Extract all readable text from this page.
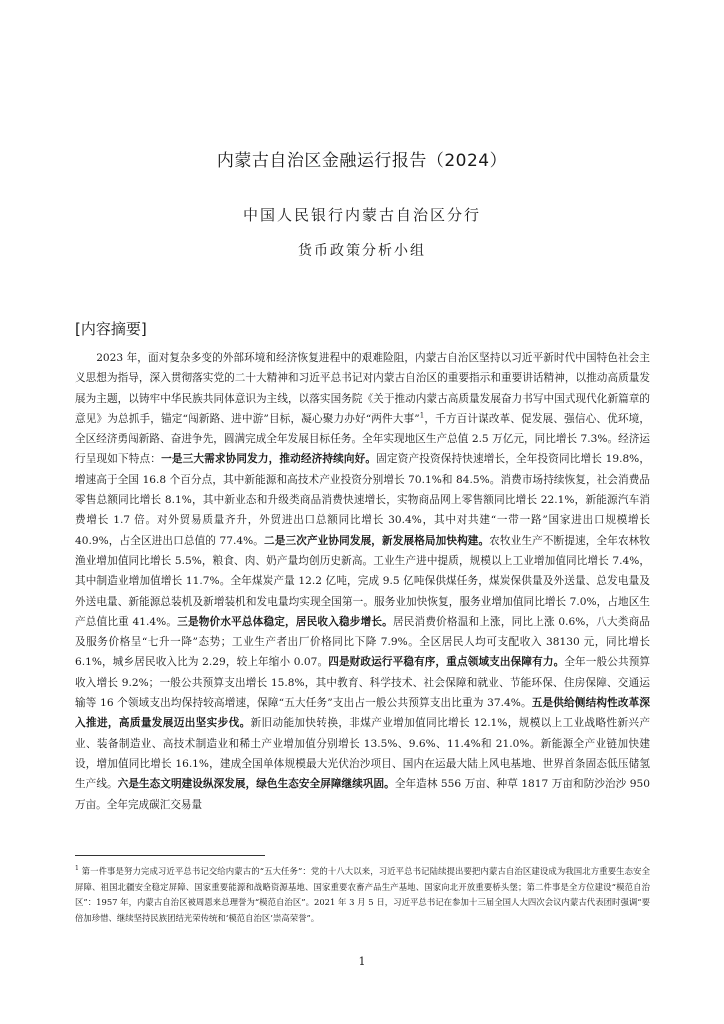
内蒙古自治区金融运行报告（2024）
中国人民银行内蒙古自治区分行
货币政策分析小组
[内容摘要]

2023 年，面对复杂多变的外部环境和经济恢复进程中的艰难险阻，内蒙古自治区坚持以习近平新时代中国特色社会主义思想为指导，深入贯彻落实党的二十大精神和习近平总书记对内蒙古自治区的重要指示和重要讲话精神，以推动高质量发展为主题，以铸牢中华民族共同体意识为主线，以落实国务院《关于推动内蒙古高质量发展奋力书写中国式现代化新篇章的意见》为总抓手，锚定“闯新路、进中游”目标，凝心聚力办好“两件大事”$^1$，千方百计谋改革、促发展、强信心、优环境，全区经济勇闯新路、奋进争先，圆满完成全年发展目标任务。全年实现地区生产总值 2.5 万亿元，同比增长 7.3%。经济运行呈现如下特点：一是三大需求协同发力，推动经济持续向好。固定资产投资保持快速增长，全年投资同比增长 19.8%，增速高于全国 16.8 个百分点，其中新能源和高技术产业投资分别增长 70.1%和 84.5%。消费市场持续恢复，社会消费品零售总额同比增长 8.1%，其中新业态和升级类商品消费快速增长，实物商品网上零售额同比增长 22.1%，新能源汽车消费增长 1.7 倍。对外贸易质量齐升，外贸进出口总额同比增长 30.4%，其中对共建“一带一路”国家进出口规模增长 40.9%，占全区进出口总值的 77.4%。二是三次产业协同发展，新发展格局加快构建。农牧业生产不断提速，全年农林牧渔业增加值同比增长 5.5%，粮食、肉、奶产量均创历史新高。工业生产进中提质，规模以上工业增加值同比增长 7.4%，其中制造业增加值增长 11.7%。全年煤炭产量 12.2 亿吨，完成 9.5 亿吨保供煤任务，煤炭保供量及外送量、总发电量及外送电量、新能源总装机及新增装机和发电量均实现全国第一。服务业加快恢复，服务业增加值同比增长 7.0%，占地区生产总值比重 41.4%。三是物价水平总体稳定，居民收入稳步增长。居民消费价格温和上涨，同比上涨 0.6%，八大类商品及服务价格呈“七升一降”态势；工业生产者出厂价格同比下降 7.9%。全区居民人均可支配收入 38130 元，同比增长 6.1%，城乡居民收入比为 2.29，较上年缩小 0.07。四是财政运行平稳有序，重点领域支出保障有力。全年一般公共预算收入增长 9.2%；一般公共预算支出增长 15.8%，其中教育、科学技术、社会保障和就业、节能环保、住房保障、交通运输等 16 个领域支出均保持较高增速，保障“五大任务”支出占一般公共预算支出比重为 37.4%。五是供给侧结构性改革深入推进，高质量发展迈出坚实步伐。新旧动能加快转换，非煤产业增加值同比增长 12.1%，规模以上工业战略性新兴产业、装备制造业、高技术制造业和稀土产业增加值分别增长 13.5%、9.6%、11.4%和 21.0%。新能源全产业链加快建设，增加值同比增长 16.1%，建成全国单体规模最大光伏治沙项目、国内在运最大陆上风电基地、世界首条固态低压储氢生产线。六是生态文明建设纵深发展，绿色生态安全屏障继续巩固。全年造林 556 万亩、种草 1817 万亩和防沙治沙 950 万亩。全年完成碳汇交易量

$^1$ 第一件事是努力完成习近平总书记交给内蒙古的“五大任务”：党的十八大以来，习近平总书记陆续提出要把内蒙古自治区建设成为我国北方重要生态安全屏障、祖国北疆安全稳定屏障、国家重要能源和战略资源基地、国家重要农畜产品生产基地、国家向北开放重要桥头堡；第二件事是全方位建设“模范自治区”：1957 年，内蒙古自治区被周恩来总理誉为“模范自治区”。2021 年 3 月 5 日，习近平总书记在参加十三届全国人大四次会议内蒙古代表团时强调“要倍加珍惜、继续坚持民族团结光荣传统和‘模范自治区’崇高荣誉”。

1
